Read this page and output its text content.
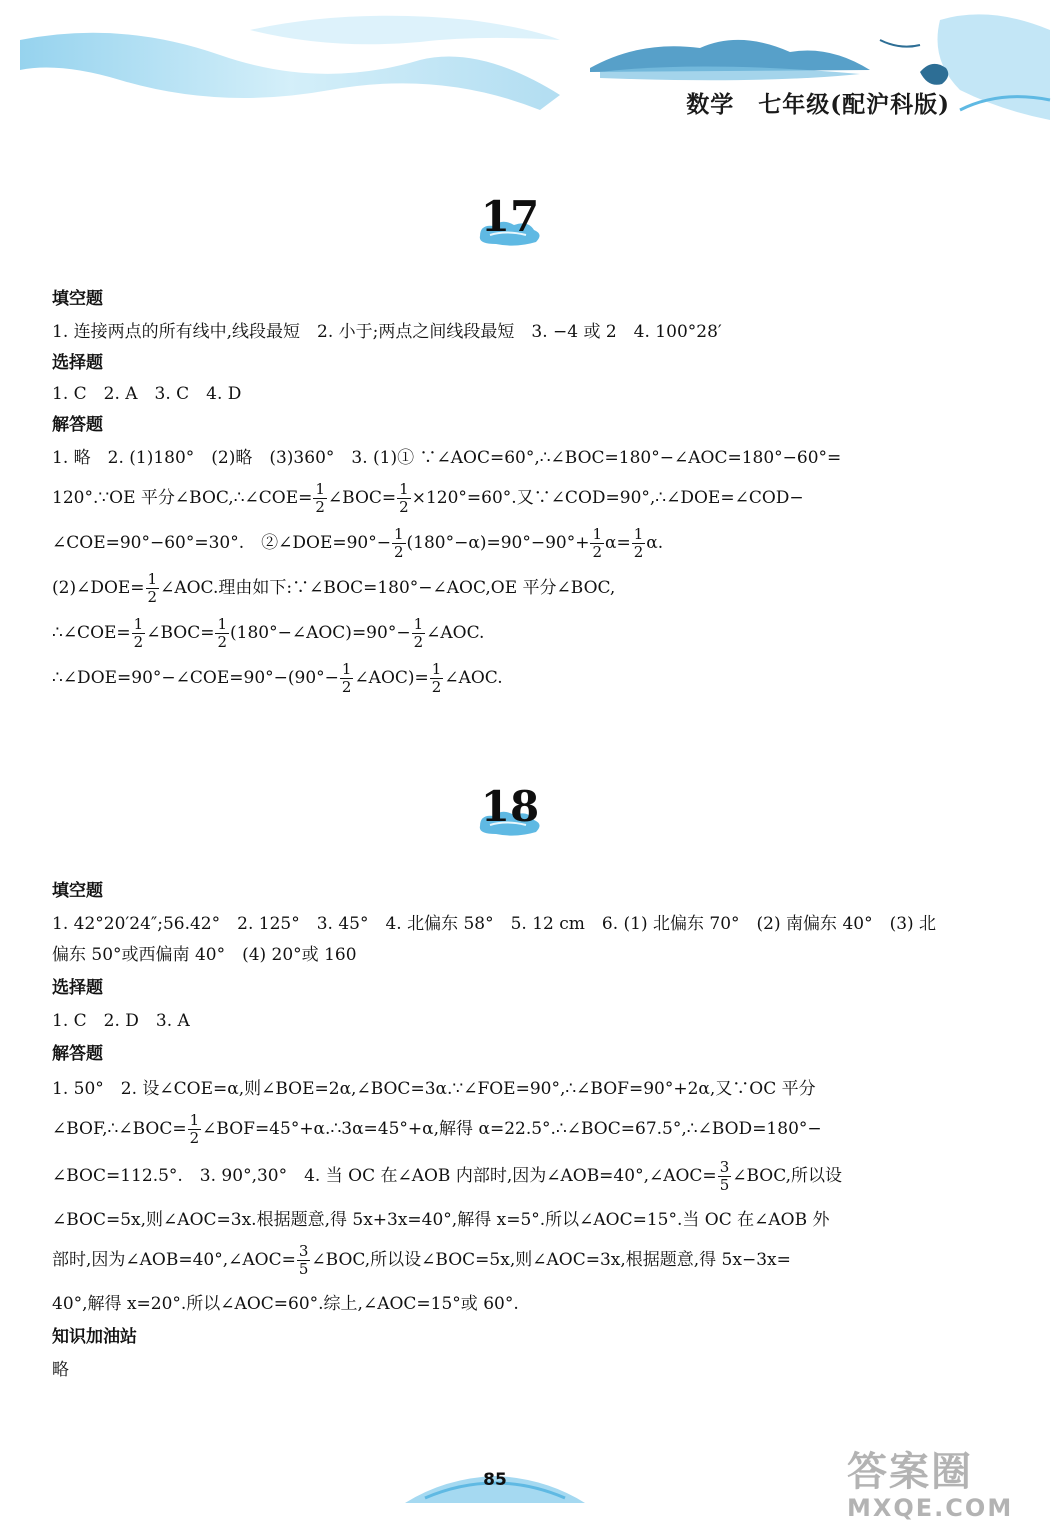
数学　七年级(配沪科版)
17

填空题

1. 连接两点的所有线中,线段最短　2. 小于;两点之间线段最短　3. −4 或 2　4. 100°28′

选择题

1. C　2. A　3. C　4. D

解答题

1. 略　2. (1)180°　(2)略　(3)360°　3. (1)① ∵∠AOC=60°,∴∠BOC=180°−∠AOC=180°−60°=

120°.∵OE 平分∠BOC,∴∠COE= $\frac{1}{2}$ ∠BOC= $\frac{1}{2} \times 120^\circ=60^\circ$.又∵∠COD=90°,∴∠DOE=∠COD−

∠COE=90°−60°=30°.　②∠DOE=90°− $\frac{1}{2} (180^\circ-\alpha)=90^\circ-90^\circ+ \frac{1}{2} \alpha= \frac{1}{2} \alpha$.

(2)∠DOE= $\frac{1}{2}$ ∠AOC.理由如下:∵∠BOC=180°−∠AOC,OE 平分∠BOC,

∴∠COE= $\frac{1}{2}$ ∠BOC= $\frac{1}{2}$ (180°−∠AOC)=90°− $\frac{1}{2}$ ∠AOC.

∴∠DOE=90°−∠COE=90°−(90°− $\frac{1}{2}$ ∠AOC)= $\frac{1}{2}$ ∠AOC.

18

填空题

1. 42°20′24″;56.42°　2. 125°　3. 45°　4. 北偏东 58°　5. 12 cm　6. (1) 北偏东 70°　(2) 南偏东 40°　(3) 北

偏东 50°或西偏南 40°　(4) 20°或 160

选择题

1. C　2. D　3. A

解答题

1. 50°　2. 设∠COE=α,则∠BOE=2α,∠BOC=3α.∵∠FOE=90°,∴∠BOF=90°+2α,又∵OC 平分

∠BOF,∴∠BOC= $\frac{1}{2}$ ∠BOF=45°+α.∴3α=45°+α,解得 α=22.5°.∴∠BOC=67.5°,∴∠BOD=180°−

∠BOC=112.5°.　3. 90°,30°　4. 当 OC 在∠AOB 内部时,因为∠AOB=40°,∠AOC= $\frac{3}{5}$ ∠BOC,所以设

∠BOC=5x,则∠AOC=3x.根据题意,得 5x+3x=40°,解得 x=5°.所以∠AOC=15°.当 OC 在∠AOB 外

部时,因为∠AOB=40°,∠AOC= $\frac{3}{5}$ ∠BOC,所以设∠BOC=5x,则∠AOC=3x,根据题意,得 5x−3x=

40°,解得 x=20°.所以∠AOC=60°.综上,∠AOC=15°或 60°.

知识加油站

略

85	答案圈
MXQE.COM
